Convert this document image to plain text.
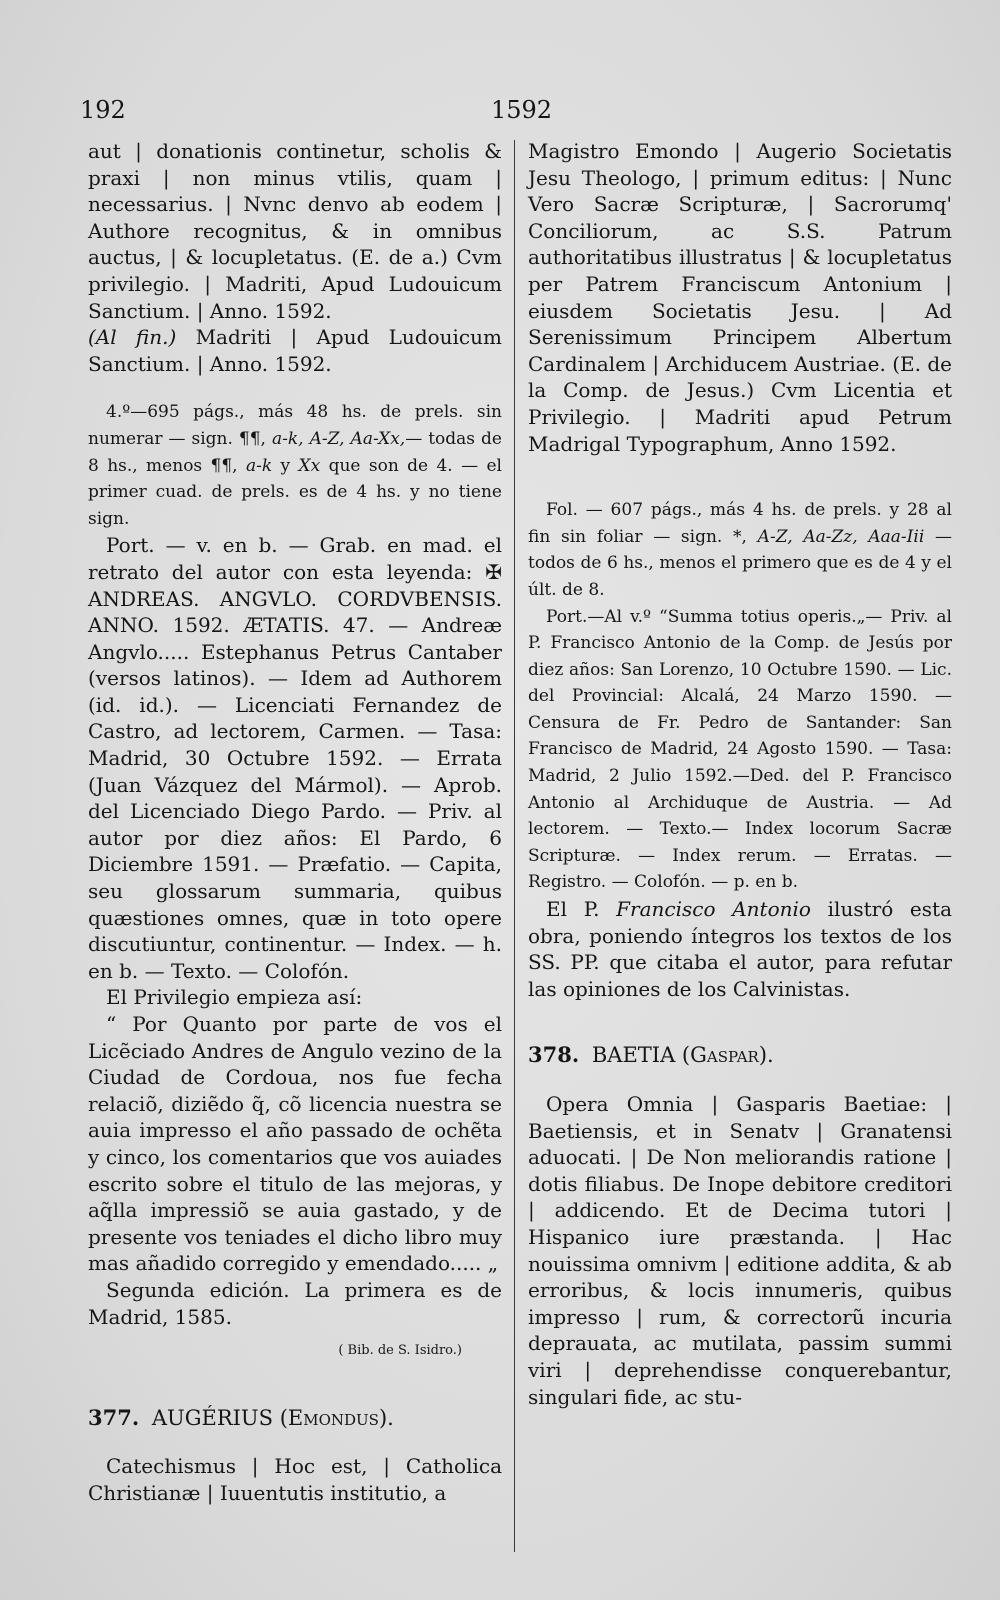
192	1592

aut | donationis continetur, scholis & praxi | non minus vtilis, quam | necessarius. | Nvnc denvo ab eodem | Authore recognitus, & in omnibus auctus, | & locupletatus. (E. de a.) Cvm privilegio. | Madriti, Apud Ludouicum Sanctium. | Anno. 1592.

(Al fin.) Madriti | Apud Ludouicum Sanctium. | Anno. 1592.

4.º—695 págs., más 48 hs. de prels. sin numerar — sign. ¶¶, a-k, A-Z, Aa-Xx,— todas de 8 hs., menos ¶¶, a-k y Xx que son de 4. — el primer cuad. de prels. es de 4 hs. y no tiene sign.

Port. — v. en b. — Grab. en mad. el retrato del autor con esta leyenda: ✠ ANDREAS. ANGVLO. CORDVBENSIS. ANNO. 1592. ÆTATIS. 47. — Andreæ Angvlo..... Estephanus Petrus Cantaber (versos latinos). — Idem ad Authorem (id. id.). — Licenciati Fernandez de Castro, ad lectorem, Carmen. — Tasa: Madrid, 30 Octubre 1592. — Errata (Juan Vázquez del Mármol). — Aprob. del Licenciado Diego Pardo. — Priv. al autor por diez años: El Pardo, 6 Diciembre 1591. — Præfatio. — Capita, seu glossarum summaria, quibus quæstiones omnes, quæ in toto opere discutiuntur, continentur. — Index. — h. en b. — Texto. — Colofón.

El Privilegio empieza así:

“ Por Quanto por parte de vos el Licẽciado Andres de Angulo vezino de la Ciudad de Cordoua, nos fue fecha relaciõ, diziẽdo q̃, cõ licencia nuestra se auia impresso el año passado de ochẽta y cinco, los comentarios que vos auiades escrito sobre el titulo de las mejoras, y aq̃lla impressiõ se auia gastado, y de presente vos teniades el dicho libro muy mas añadido corregido y emendado..... „

Segunda edición. La primera es de Madrid, 1585.

( Bib. de S. Isidro.)

377. AUGÉRIUS (Emondus).

Catechismus | Hoc est, | Catholica Christianæ | Iuuentutis institutio, a

Magistro Emondo | Augerio Societatis Jesu Theologo, | primum editus: | Nunc Vero Sacræ Scripturæ, | Sacrorumq' Conciliorum, ac S.S. Patrum authoritatibus illustratus | & locupletatus per Patrem Franciscum Antonium | eiusdem Societatis Jesu. | Ad Serenissimum Principem Albertum Cardinalem | Archiducem Austriae. (E. de la Comp. de Jesus.) Cvm Licentia et Privilegio. | Madriti apud Petrum Madrigal Typographum, Anno 1592.

Fol. — 607 págs., más 4 hs. de prels. y 28 al fin sin foliar — sign. *, A-Z, Aa-Zz, Aaa-Iii — todos de 6 hs., menos el primero que es de 4 y el últ. de 8.

Port.—Al v.º “Summa totius operis.„— Priv. al P. Francisco Antonio de la Comp. de Jesús por diez años: San Lorenzo, 10 Octubre 1590. — Lic. del Provincial: Alcalá, 24 Marzo 1590. — Censura de Fr. Pedro de Santander: San Francisco de Madrid, 24 Agosto 1590. — Tasa: Madrid, 2 Julio 1592.—Ded. del P. Francisco Antonio al Archiduque de Austria. — Ad lectorem. — Texto.— Index locorum Sacræ Scripturæ. — Index rerum. — Erratas. — Registro. — Colofón. — p. en b.

El P. Francisco Antonio ilustró esta obra, poniendo íntegros los textos de los SS. PP. que citaba el autor, para refutar las opiniones de los Calvinistas.

378. BAETIA (Gaspar).

Opera Omnia | Gasparis Baetiae: | Baetiensis, et in Senatv | Granatensi aduocati. | De Non meliorandis ratione | dotis filiabus. De Inope debitore creditori | addicendo. Et de Decima tutori | Hispanico iure præstanda. | Hac nouissima omnivm | editione addita, & ab erroribus, & locis innumeris, quibus impresso | rum, & correctorũ incuria deprauata, ac mutilata, passim summi viri | deprehendisse conquerebantur, singulari fide, ac stu-
